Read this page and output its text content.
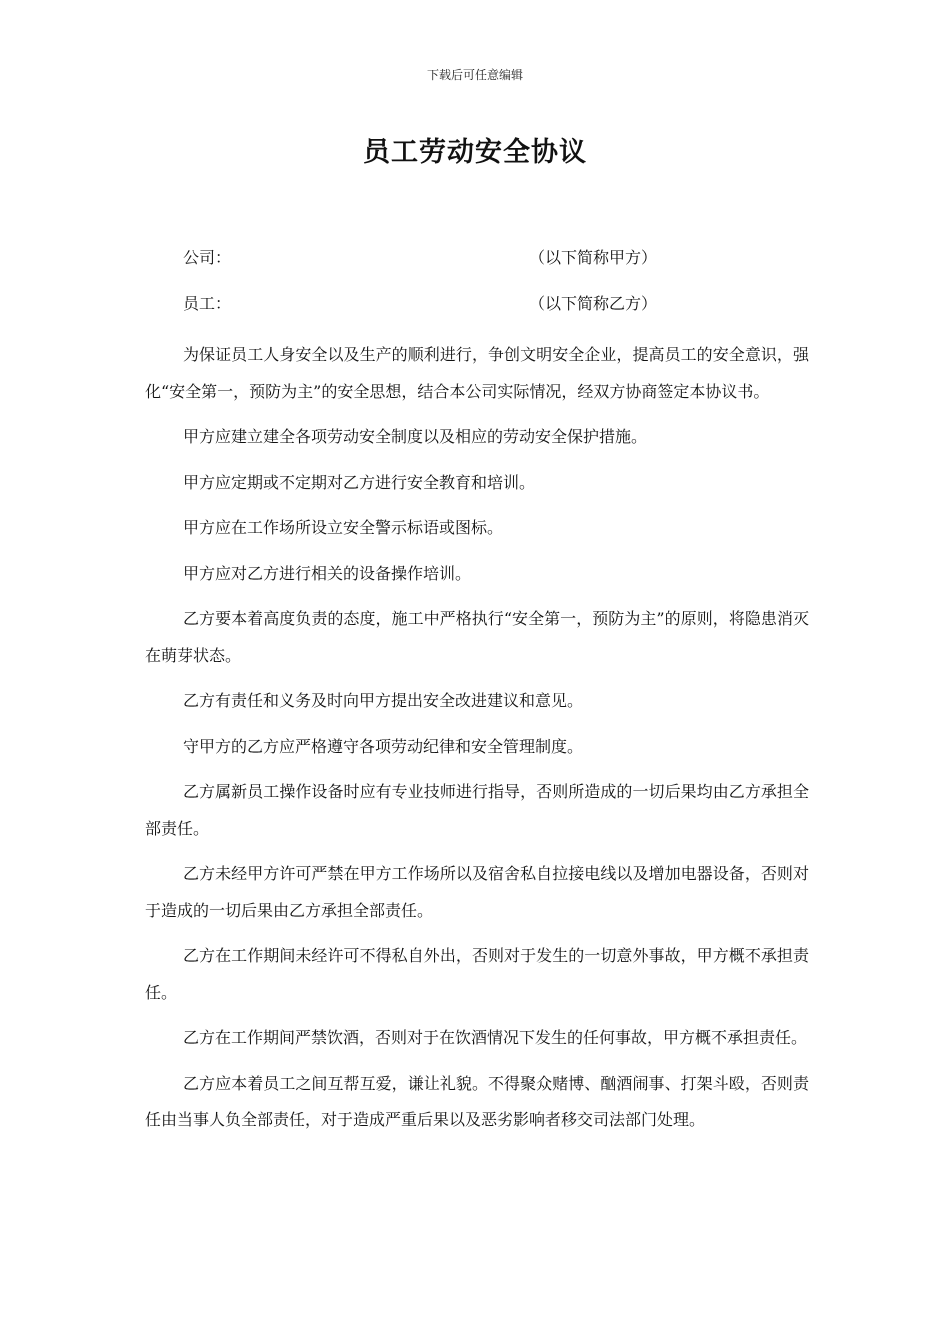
下载后可任意编辑
员工劳动安全协议
公司：	（以下简称甲方）
员工：	（以下简称乙方）

为保证员工人身安全以及生产的顺利进行，争创文明安全企业，提高员工的安全意识，强化“安全第一，预防为主”的安全思想，结合本公司实际情况，经双方协商签定本协议书。

甲方应建立建全各项劳动安全制度以及相应的劳动安全保护措施。

甲方应定期或不定期对乙方进行安全教育和培训。

甲方应在工作场所设立安全警示标语或图标。

甲方应对乙方进行相关的设备操作培训。

乙方要本着高度负责的态度，施工中严格执行“安全第一，预防为主”的原则，将隐患消灭在萌芽状态。

乙方有责任和义务及时向甲方提出安全改进建议和意见。

守甲方的乙方应严格遵守各项劳动纪律和安全管理制度。

乙方属新员工操作设备时应有专业技师进行指导，否则所造成的一切后果均由乙方承担全部责任。

乙方未经甲方许可严禁在甲方工作场所以及宿舍私自拉接电线以及增加电器设备，否则对于造成的一切后果由乙方承担全部责任。

乙方在工作期间未经许可不得私自外出，否则对于发生的一切意外事故，甲方概不承担责任。

乙方在工作期间严禁饮酒，否则对于在饮酒情况下发生的任何事故，甲方概不承担责任。

乙方应本着员工之间互帮互爱，谦让礼貌。不得聚众赌博、酗酒闹事、打架斗殴，否则责任由当事人负全部责任，对于造成严重后果以及恶劣影响者移交司法部门处理。
